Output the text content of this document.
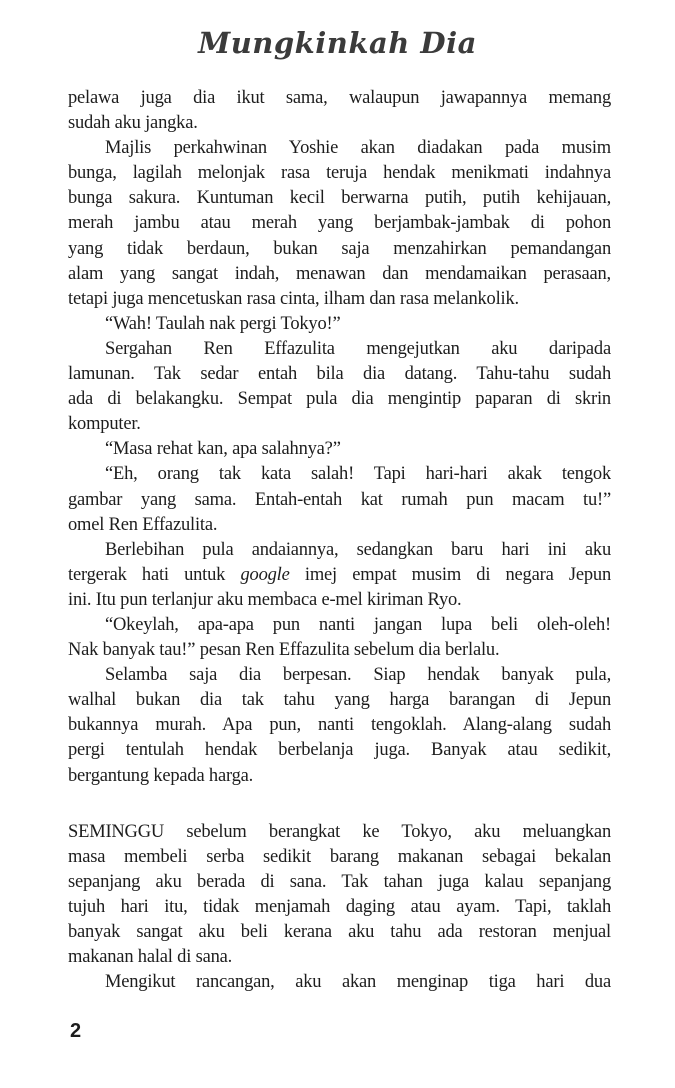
Mungkinkah Dia
pelawa juga dia ikut sama, walaupun jawapannya memang
sudah aku jangka.
Majlis perkahwinan Yoshie akan diadakan pada musim
bunga, lagilah melonjak rasa teruja hendak menikmati indahnya
bunga sakura. Kuntuman kecil berwarna putih, putih kehijauan,
merah jambu atau merah yang berjambak-jambak di pohon
yang tidak berdaun, bukan saja menzahirkan pemandangan
alam yang sangat indah, menawan dan mendamaikan perasaan,
tetapi juga mencetuskan rasa cinta, ilham dan rasa melankolik.
“Wah! Taulah nak pergi Tokyo!”
Sergahan Ren Effazulita mengejutkan aku daripada
lamunan. Tak sedar entah bila dia datang. Tahu-tahu sudah
ada di belakangku. Sempat pula dia mengintip paparan di skrin
komputer.
“Masa rehat kan, apa salahnya?”
“Eh, orang tak kata salah! Tapi hari-hari akak tengok
gambar yang sama. Entah-entah kat rumah pun macam tu!”
omel Ren Effazulita.
Berlebihan pula andaiannya, sedangkan baru hari ini aku
tergerak hati untuk google imej empat musim di negara Jepun
ini. Itu pun terlanjur aku membaca e-mel kiriman Ryo.
“Okeylah, apa-apa pun nanti jangan lupa beli oleh-oleh!
Nak banyak tau!” pesan Ren Effazulita sebelum dia berlalu.
Selamba saja dia berpesan. Siap hendak banyak pula,
walhal bukan dia tak tahu yang harga barangan di Jepun
bukannya murah. Apa pun, nanti tengoklah. Alang-alang sudah
pergi tentulah hendak berbelanja juga. Banyak atau sedikit,
bergantung kepada harga.
SEMINGGU sebelum berangkat ke Tokyo, aku meluangkan
masa membeli serba sedikit barang makanan sebagai bekalan
sepanjang aku berada di sana. Tak tahan juga kalau sepanjang
tujuh hari itu, tidak menjamah daging atau ayam. Tapi, taklah
banyak sangat aku beli kerana aku tahu ada restoran menjual
makanan halal di sana.
Mengikut rancangan, aku akan menginap tiga hari dua
2
